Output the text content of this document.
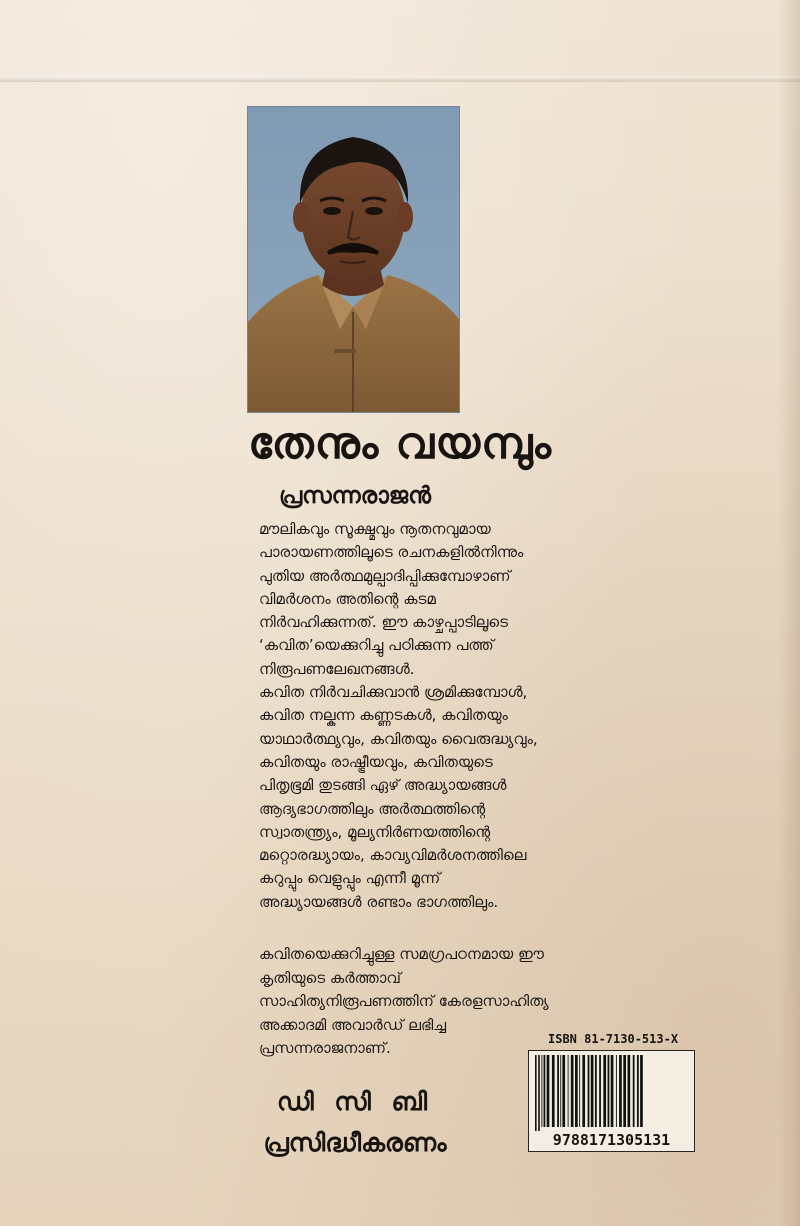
തേനും വയമ്പും
പ്രസന്നരാജൻ
മൗലികവും സൂക്ഷ്മവും നൂതനവുമായ
പാരായണത്തിലൂടെ രചനകളിൽനിന്നും
പുതിയ അർത്ഥമുല്പാദിപ്പിക്കുമ്പോഴാണ്
വിമർശനം അതിന്റെ കടമ
നിർവഹിക്കുന്നത്. ഈ കാഴ്ചപ്പാടിലൂടെ
‘കവിത’യെക്കുറിച്ചു പഠിക്കുന്ന പത്ത്
നിരൂപണലേഖനങ്ങൾ.
കവിത നിർവചിക്കുവാൻ ശ്രമിക്കുമ്പോൾ,
കവിത നല്കുന്ന കണ്ണടകൾ, കവിതയും
യാഥാർത്ഥ്യവും, കവിതയും വൈരുദ്ധ്യവും,
കവിതയും രാഷ്ട്രീയവും, കവിതയുടെ
പിതൃഭൂമി തുടങ്ങി ഏഴ് അദ്ധ്യായങ്ങൾ
ആദ്യഭാഗത്തിലും അർത്ഥത്തിന്റെ
സ്വാതന്ത്ര്യം, മൂല്യനിർണയത്തിന്റെ
മറ്റൊരദ്ധ്യായം, കാവ്യവിമർശനത്തിലെ
കറുപ്പും വെളുപ്പും എന്നീ മൂന്ന്
അദ്ധ്യായങ്ങൾ രണ്ടാം ഭാഗത്തിലും.
കവിതയെക്കുറിച്ചുള്ള സമഗ്രപഠനമായ ഈ
കൃതിയുടെ കർത്താവ്
സാഹിത്യനിരൂപണത്തിന് കേരളസാഹിത്യ
അക്കാദമി അവാർഡ് ലഭിച്ച
പ്രസന്നരാജനാണ്.
ഡി സി ബി
പ്രസിദ്ധീകരണം
ISBN 81-7130-513-X
9788171305131
